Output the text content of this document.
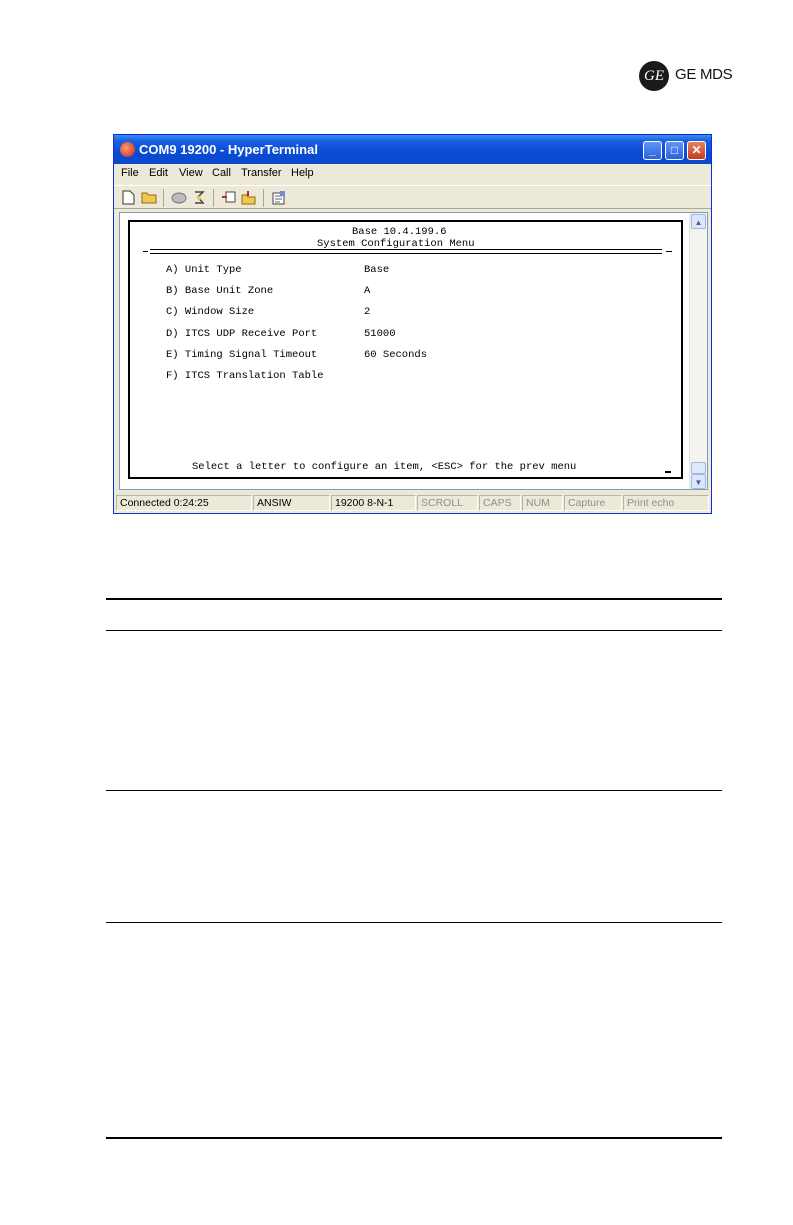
GE GE MDS
COM9 19200 - HyperTerminal	_	□	✕
File Edit View Call Transfer Help
Base 10.4.199.6
System Configuration Menu
A) Unit Type	Base
B) Base Unit Zone	A
C) Window Size	2
D) ITCS UDP Receive Port	51000
E) Timing Signal Timeout	60 Seconds
F) ITCS Translation Table
Select a letter to configure an item, <ESC> for the prev menu
▲
▼
Connected 0:24:25	ANSIW	19200 8-N-1	SCROLL	CAPS	NUM	Capture	Print echo
